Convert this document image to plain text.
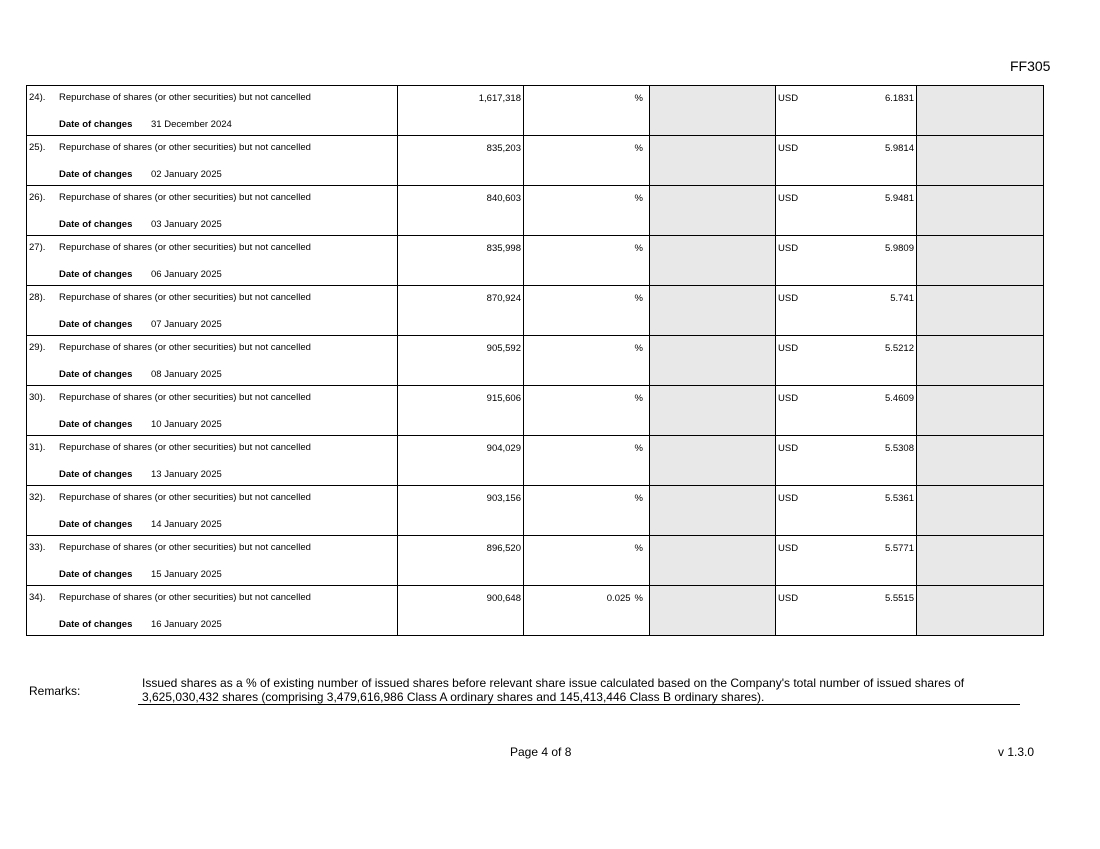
FF305
24). Repurchase of shares (or other securities) but not cancelled
Date of changes 31 December 2024	1,617,318	%		USD 6.1831	

25). Repurchase of shares (or other securities) but not cancelled
Date of changes 02 January 2025	835,203	%		USD 5.9814	

26). Repurchase of shares (or other securities) but not cancelled
Date of changes 03 January 2025	840,603	%		USD 5.9481	

27). Repurchase of shares (or other securities) but not cancelled
Date of changes 06 January 2025	835,998	%		USD 5.9809	

28). Repurchase of shares (or other securities) but not cancelled
Date of changes 07 January 2025	870,924	%		USD 5.741	

29). Repurchase of shares (or other securities) but not cancelled
Date of changes 08 January 2025	905,592	%		USD 5.5212	

30). Repurchase of shares (or other securities) but not cancelled
Date of changes 10 January 2025	915,606	%		USD 5.4609	

31). Repurchase of shares (or other securities) but not cancelled
Date of changes 13 January 2025	904,029	%		USD 5.5308	

32). Repurchase of shares (or other securities) but not cancelled
Date of changes 14 January 2025	903,156	%		USD 5.5361	

33). Repurchase of shares (or other securities) but not cancelled
Date of changes 15 January 2025	896,520	%		USD 5.5771	

34). Repurchase of shares (or other securities) but not cancelled
Date of changes 16 January 2025	900,648	0.025 %		USD 5.5515	

Remarks:
Issued shares as a % of existing number of issued shares before relevant share issue calculated based on the Company's total number of issued shares of 3,625,030,432 shares (comprising 3,479,616,986 Class A ordinary shares and 145,413,446 Class B ordinary shares).
Page 4 of 8	v 1.3.0
